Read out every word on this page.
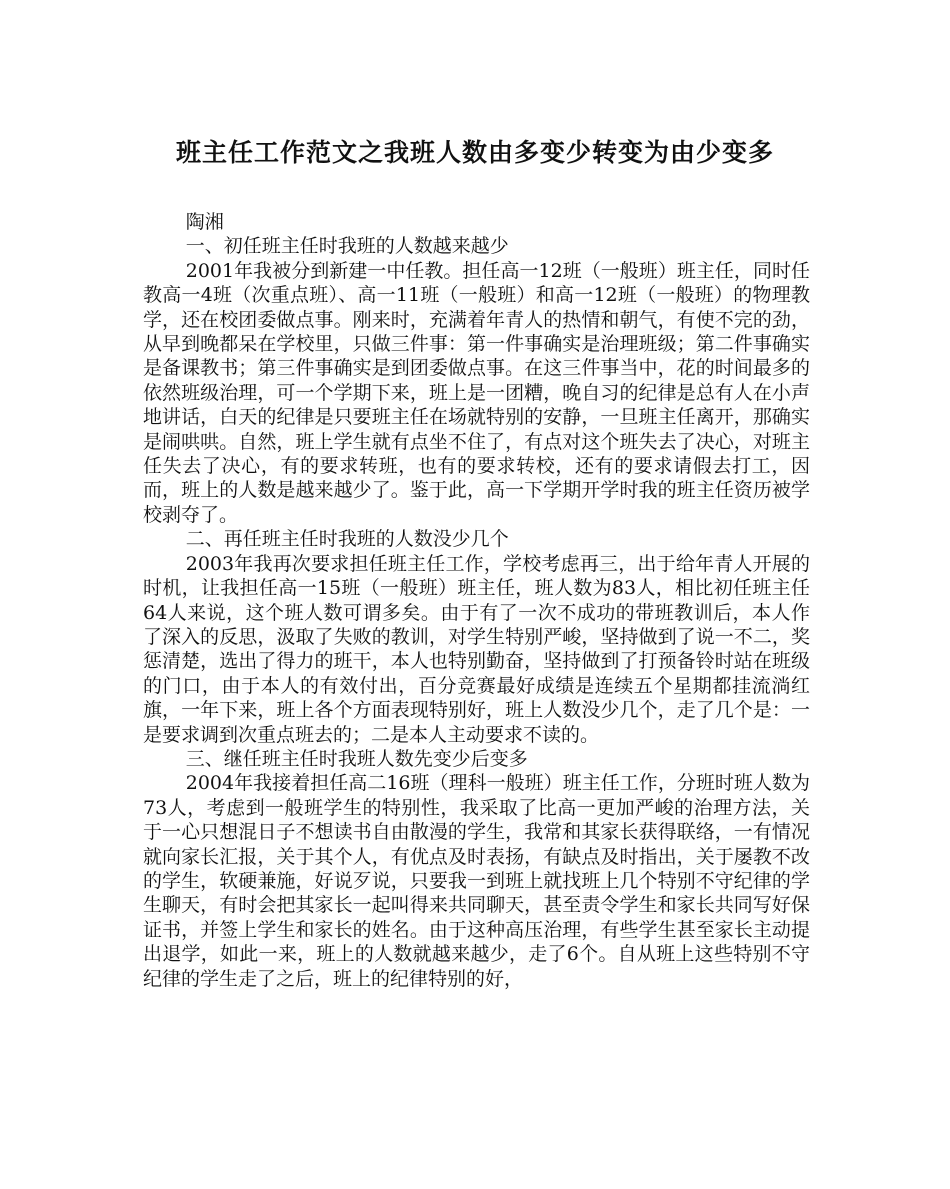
班主任工作范文之我班人数由多变少转变为由少变多

陶湘

一、初任班主任时我班的人数越来越少

2001年我被分到新建一中任教。担任高一12班（一般班）班主任，同时任教高一4班（次重点班）、高一11班（一般班）和高一12班（一般班）的物理教学，还在校团委做点事。刚来时，充满着年青人的热情和朝气，有使不完的劲，从早到晚都呆在学校里，只做三件事：第一件事确实是治理班级；第二件事确实是备课教书；第三件事确实是到团委做点事。在这三件事当中，花的时间最多的依然班级治理，可一个学期下来，班上是一团糟，晚自习的纪律是总有人在小声地讲话，白天的纪律是只要班主任在场就特别的安静，一旦班主任离开，那确实是闹哄哄。自然，班上学生就有点坐不住了，有点对这个班失去了决心，对班主任失去了决心，有的要求转班，也有的要求转校，还有的要求请假去打工，因而，班上的人数是越来越少了。鉴于此，高一下学期开学时我的班主任资历被学校剥夺了。

二、再任班主任时我班的人数没少几个

2003年我再次要求担任班主任工作，学校考虑再三，出于给年青人开展的时机，让我担任高一15班（一般班）班主任，班人数为83人，相比初任班主任64人来说，这个班人数可谓多矣。由于有了一次不成功的带班教训后，本人作了深入的反思，汲取了失败的教训，对学生特别严峻，坚持做到了说一不二，奖惩清楚，选出了得力的班干，本人也特别勤奋，坚持做到了打预备铃时站在班级的门口，由于本人的有效付出，百分竞赛最好成绩是连续五个星期都挂流淌红旗，一年下来，班上各个方面表现特别好，班上人数没少几个，走了几个是：一是要求调到次重点班去的；二是本人主动要求不读的。

三、继任班主任时我班人数先变少后变多

2004年我接着担任高二16班（理科一般班）班主任工作，分班时班人数为73人，考虑到一般班学生的特别性，我采取了比高一更加严峻的治理方法，关于一心只想混日子不想读书自由散漫的学生，我常和其家长获得联络，一有情况就向家长汇报，关于其个人，有优点及时表扬，有缺点及时指出，关于屡教不改的学生，软硬兼施，好说歹说，只要我一到班上就找班上几个特别不守纪律的学生聊天，有时会把其家长一起叫得来共同聊天，甚至责令学生和家长共同写好保证书，并签上学生和家长的姓名。由于这种高压治理，有些学生甚至家长主动提出退学，如此一来，班上的人数就越来越少，走了6个。自从班上这些特别不守纪律的学生走了之后，班上的纪律特别的好，
